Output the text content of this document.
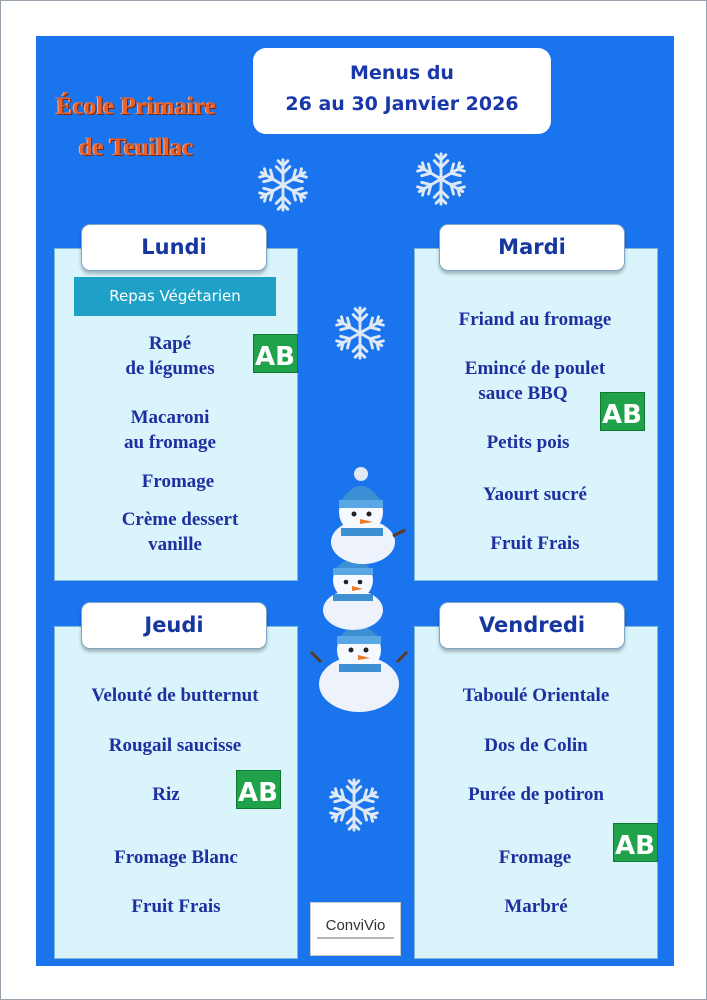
École Primaire
de Teuillac
Menus du
26 au 30 Janvier 2026
Lundi
Repas Végétarien
Rapé
de légumes
Macaroni
au fromage
Fromage
Crème dessert
vanille
Mardi
Friand au fromage
Emincé de poulet
sauce BBQ
Petits pois
Yaourt sucré
Fruit Frais
Jeudi
Velouté de butternut
Rougail saucisse
Riz
Fromage Blanc
Fruit Frais
Vendredi
Taboulé Orientale
Dos de Colin
Purée de potiron
Fromage
Marbré
AB
AB
AB
AB
ConviVio
